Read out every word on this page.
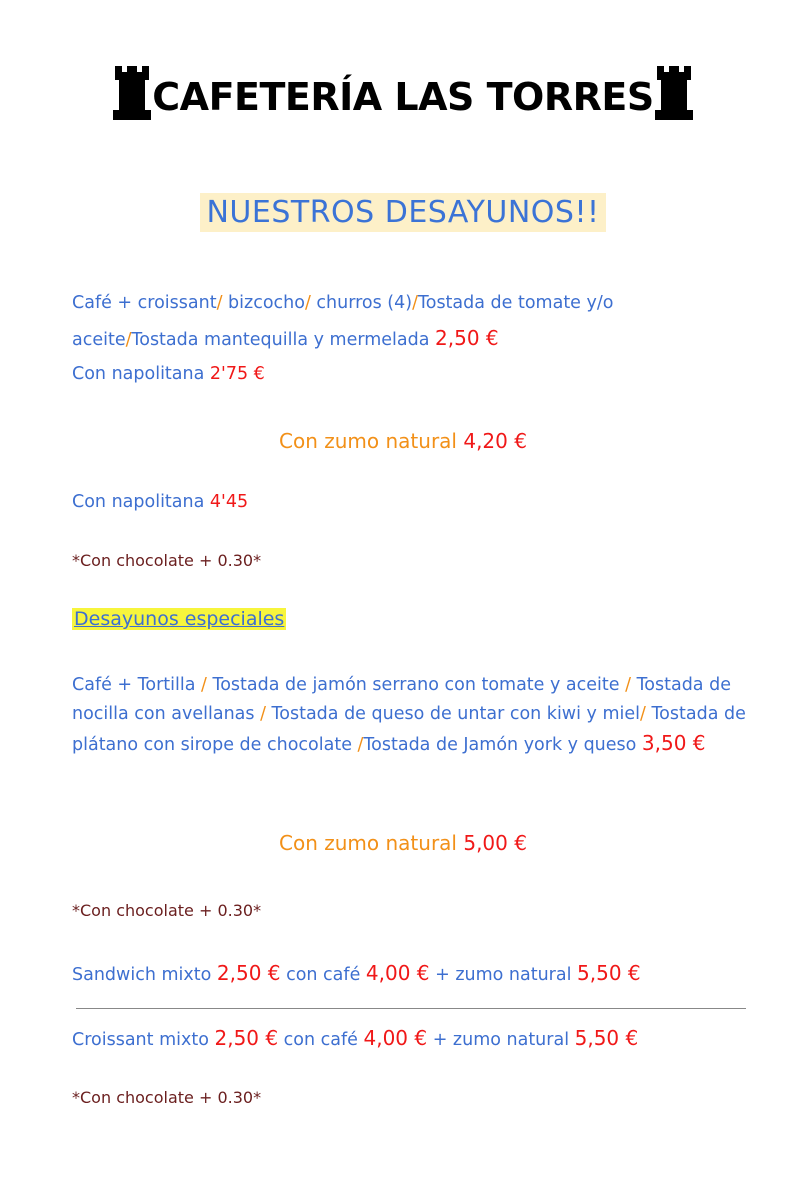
CAFETERÍA LAS TORRES
NUESTROS DESAYUNOS!!
Café + croissant/ bizcocho/ churros (4)/Tostada de tomate y/o
aceite/Tostada mantequilla y mermelada 2,50 €
Con napolitana 2'75 €
Con zumo natural 4,20 €
Con napolitana 4'45
*Con chocolate + 0.30*
Desayunos especiales
Café + Tortilla / Tostada de jamón serrano con tomate y aceite / Tostada de nocilla con avellanas / Tostada de queso de untar con kiwi y miel/ Tostada de plátano con sirope de chocolate /Tostada de Jamón york y queso 3,50 €
Con zumo natural 5,00 €
*Con chocolate + 0.30*
Sandwich mixto 2,50 € con café 4,00 € + zumo natural 5,50 €
Croissant mixto 2,50 € con café 4,00 € + zumo natural 5,50 €
*Con chocolate + 0.30*
